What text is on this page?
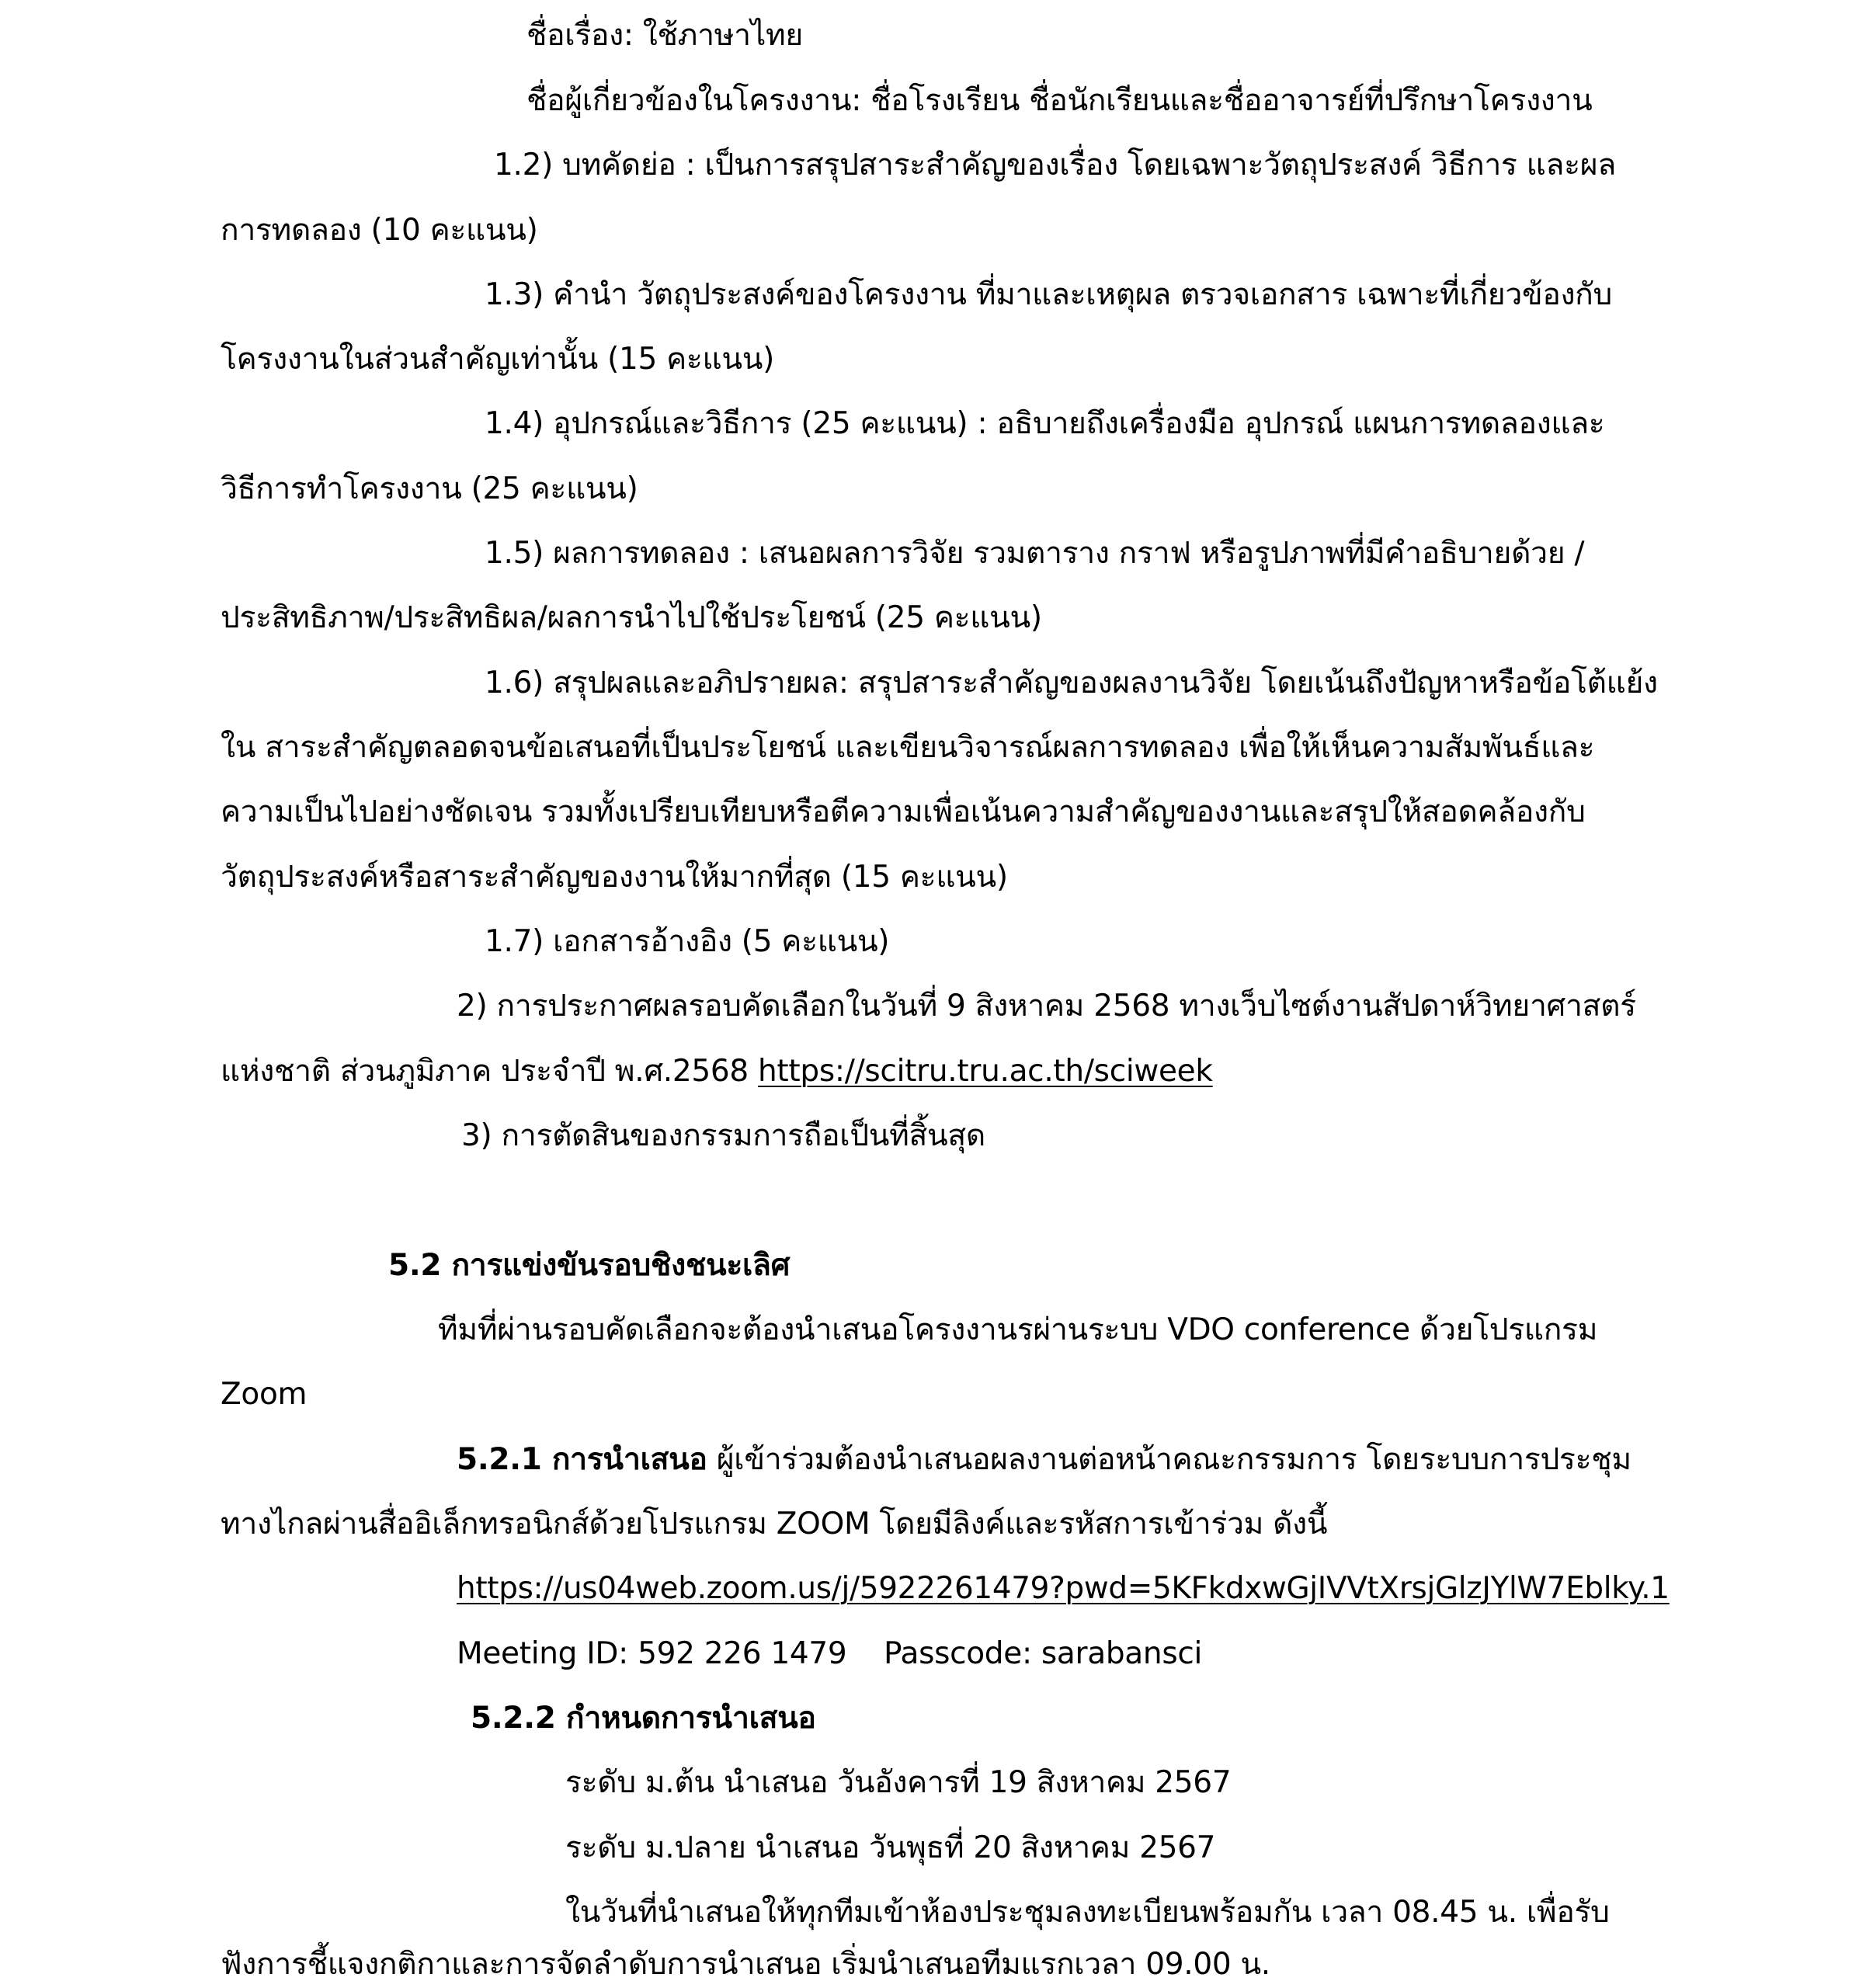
ชื่อเรื่อง: ใช้ภาษาไทย
ชื่อผู้เกี่ยวข้องในโครงงาน: ชื่อโรงเรียน ชื่อนักเรียนและชื่ออาจารย์ที่ปรึกษาโครงงาน
1.2) บทคัดย่อ : เป็นการสรุปสาระสำคัญของเรื่อง โดยเฉพาะวัตถุประสงค์ วิธีการ และผล
การทดลอง (10 คะแนน)
1.3) คำนำ วัตถุประสงค์ของโครงงาน ที่มาและเหตุผล ตรวจเอกสาร เฉพาะที่เกี่ยวข้องกับ
โครงงานในส่วนสำคัญเท่านั้น (15 คะแนน)
1.4) อุปกรณ์และวิธีการ (25 คะแนน) : อธิบายถึงเครื่องมือ อุปกรณ์ แผนการทดลองและ
วิธีการทำโครงงาน (25 คะแนน)
1.5) ผลการทดลอง : เสนอผลการวิจัย รวมตาราง กราฟ หรือรูปภาพที่มีคำอธิบายด้วย /
ประสิทธิภาพ/ประสิทธิผล/ผลการนำไปใช้ประโยชน์ (25 คะแนน)
1.6) สรุปผลและอภิปรายผล: สรุปสาระสำคัญของผลงานวิจัย โดยเน้นถึงปัญหาหรือข้อโต้แย้ง
ใน สาระสำคัญตลอดจนข้อเสนอที่เป็นประโยชน์ และเขียนวิจารณ์ผลการทดลอง เพื่อให้เห็นความสัมพันธ์และ
ความเป็นไปอย่างชัดเจน รวมทั้งเปรียบเทียบหรือตีความเพื่อเน้นความสำคัญของงานและสรุปให้สอดคล้องกับ
วัตถุประสงค์หรือสาระสำคัญของงานให้มากที่สุด (15 คะแนน)
1.7) เอกสารอ้างอิง (5 คะแนน)
2) การประกาศผลรอบคัดเลือกในวันที่ 9 สิงหาคม 2568 ทางเว็บไซต์งานสัปดาห์วิทยาศาสตร์
แห่งชาติ ส่วนภูมิภาค ประจำปี พ.ศ.2568 https://scitru.tru.ac.th/sciweek
3) การตัดสินของกรรมการถือเป็นที่สิ้นสุด
5.2 การแข่งขันรอบชิงชนะเลิศ
ทีมที่ผ่านรอบคัดเลือกจะต้องนำเสนอโครงงานรผ่านระบบ VDO conference ด้วยโปรแกรม
Zoom
5.2.1 การนำเสนอ ผู้เข้าร่วมต้องนำเสนอผลงานต่อหน้าคณะกรรมการ โดยระบบการประชุม
ทางไกลผ่านสื่ออิเล็กทรอนิกส์ด้วยโปรแกรม ZOOM โดยมีลิงค์และรหัสการเข้าร่วม ดังนี้
https://us04web.zoom.us/j/5922261479?pwd=5KFkdxwGjIVVtXrsjGlzJYlW7Eblky.1
Meeting ID: 592 226 1479 Passcode: sarabansci
5.2.2 กำหนดการนำเสนอ
ระดับ ม.ต้น นำเสนอ วันอังคารที่ 19 สิงหาคม 2567
ระดับ ม.ปลาย นำเสนอ วันพุธที่ 20 สิงหาคม 2567
ในวันที่นำเสนอให้ทุกทีมเข้าห้องประชุมลงทะเบียนพร้อมกัน เวลา 08.45 น. เพื่อรับ
ฟังการชี้แจงกติกาและการจัดลำดับการนำเสนอ เริ่มนำเสนอทีมแรกเวลา 09.00 น.
